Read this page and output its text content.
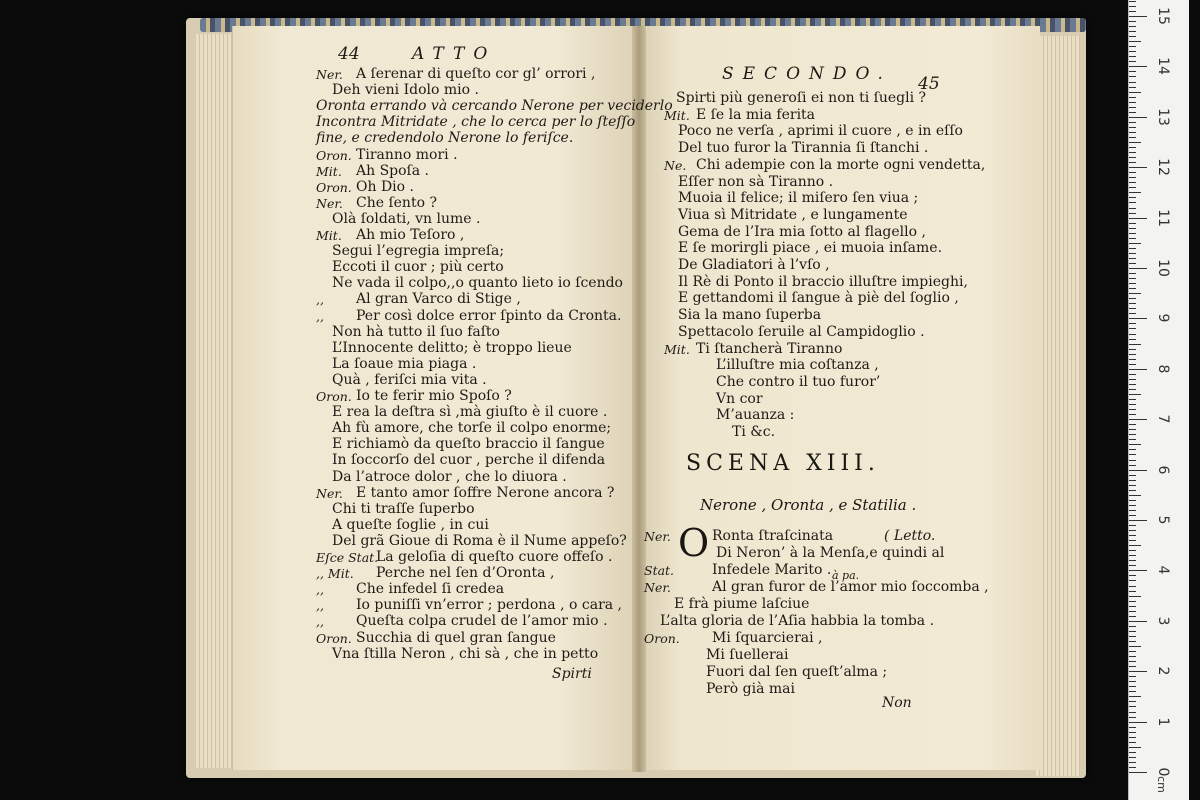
44	ATTO
Ner. A ſerenar di queſto cor gl’ orrori ,
Deh vieni Idolo mio .
Oronta errando và cercando Nerone per veciderlo
Incontra Mitridate , che lo cerca per lo ſteſſo
fine, e credendolo Nerone lo feriſce.
Oron. Tiranno mori .
Mit. Ah Spoſa .
Oron. Oh Dio .
Ner. Che ſento ?
Olà ſoldati, vn lume .
Mit. Ah mio Teſoro ,
Segui l’egregia impreſa;
Eccoti il cuor ; più certo
Ne vada il colpo,,o quanto lieto io ſcendo
,, Al gran Varco di Stige ,
,, Per così dolce error ſpinto da Cronta.
Non hà tutto il ſuo faſto
L’Innocente delitto; è troppo lieue
La ſoaue mia piaga .
Quà , feriſci mia vita .
Oron. Io te ferir mio Spoſo ?
E rea la deſtra sì ,mà giuſto è il cuore .
Ah fù amore, che torſe il colpo enorme;
E richiamò da queſto braccio il ſangue
In ſoccorſo del cuor , perche il difenda
Da l’atroce dolor , che lo diuora .
Ner. E tanto amor ſoffre Nerone ancora ?
Chi ti traſſe ſuperbo
A queſte ſoglie , in cui
Del grã Gioue di Roma è il Nume appeſo?
Eſce Stat.
La geloſia di queſto cuore offeſo .
,, Mit. Perche nel ſen d’Oronta ,
,, Che infedel ſi credea
,, Io puniſſi vn’error ; perdona , o cara ,
,, Queſta colpa crudel de l’amor mio .
Oron. Succhia di quel gran ſangue
Vna ſtilla Neron , chi sà , che in petto
Spirti
SECONDO. 45
Spirti più generoſi ei non ti ſuegli ?
Mit. E ſe la mia ferita
Poco ne verſa , aprimi il cuore , e in eſſo
Del tuo furor la Tirannia ſi ſtanchi .
Ne. Chi adempie con la morte ogni vendetta,
Eſſer non sà Tiranno .
Muoia il felice; il miſero ſen viua ;
Viua sì Mitridate , e lungamente
Gema de l’Ira mia ſotto al flagello ,
E ſe morirgli piace , ei muoia inſame.
De Gladiatori à l’vſo ,
Il Rè di Ponto il braccio illuſtre impieghi,
E gettandomi il ſangue à piè del ſoglio ,
Sia la mano ſuperba
Spettacolo ſeruile al Campidoglio .
Mit. Ti ſtancherà Tiranno
L’illuſtre mia coſtanza ,
Che contro il tuo furor’
Vn cor
M’auanza :
Ti &c.
SCENA XIII.
Nerone , Oronta , e Statilia .
O
Ner.	Ronta ſtraſcinata	( Letto.
Di Neron’ à la Menſa,e quindi al
Stat.	Infedele Marito . à pa.
Ner.	Al gran furor de l’amor mio ſoccomba ,
E frà piume laſciue
L’alta gloria de l’Aſia habbia la tomba .
Oron. Mi ſquarcierai ,
Mi ſuellerai
Fuori dal ſen queſt’alma ;
Però già mai
Non
0
1
2
3
4
5
6
7
8
9
10
11
12
13
14
15
cm
